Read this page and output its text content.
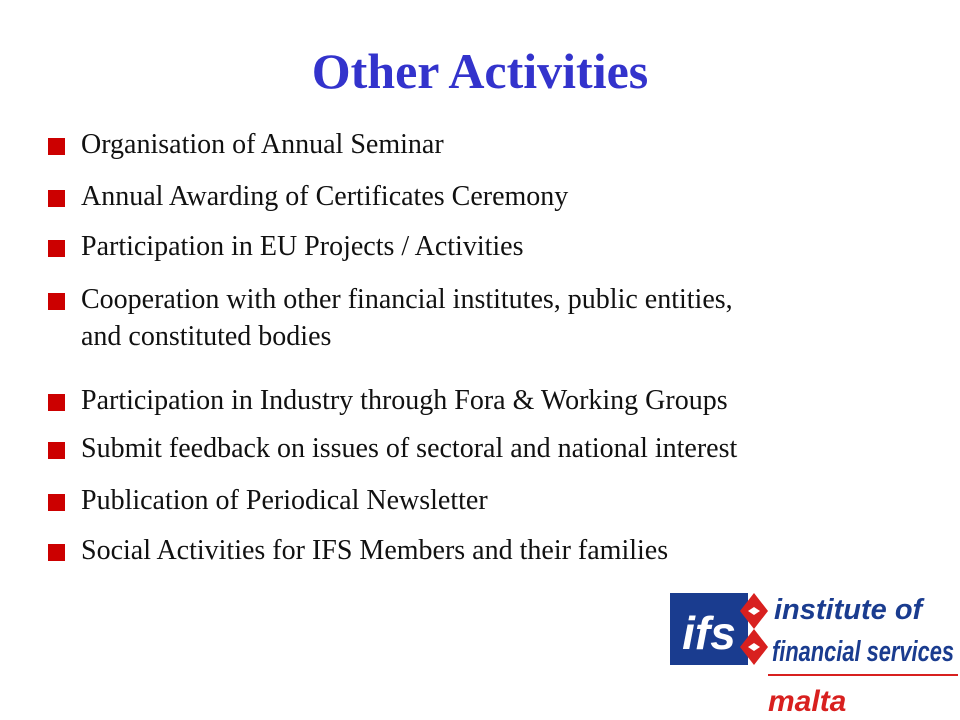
Other Activities
Organisation of Annual Seminar
Annual Awarding of Certificates Ceremony
Participation in EU Projects / Activities
Cooperation with other financial institutes, public entities,
and constituted bodies
Participation in Industry through Fora & Working Groups
Submit feedback on issues of sectoral and national interest
Publication of Periodical Newsletter
Social Activities for IFS Members and their families
ifs institute of
financial services
malta
